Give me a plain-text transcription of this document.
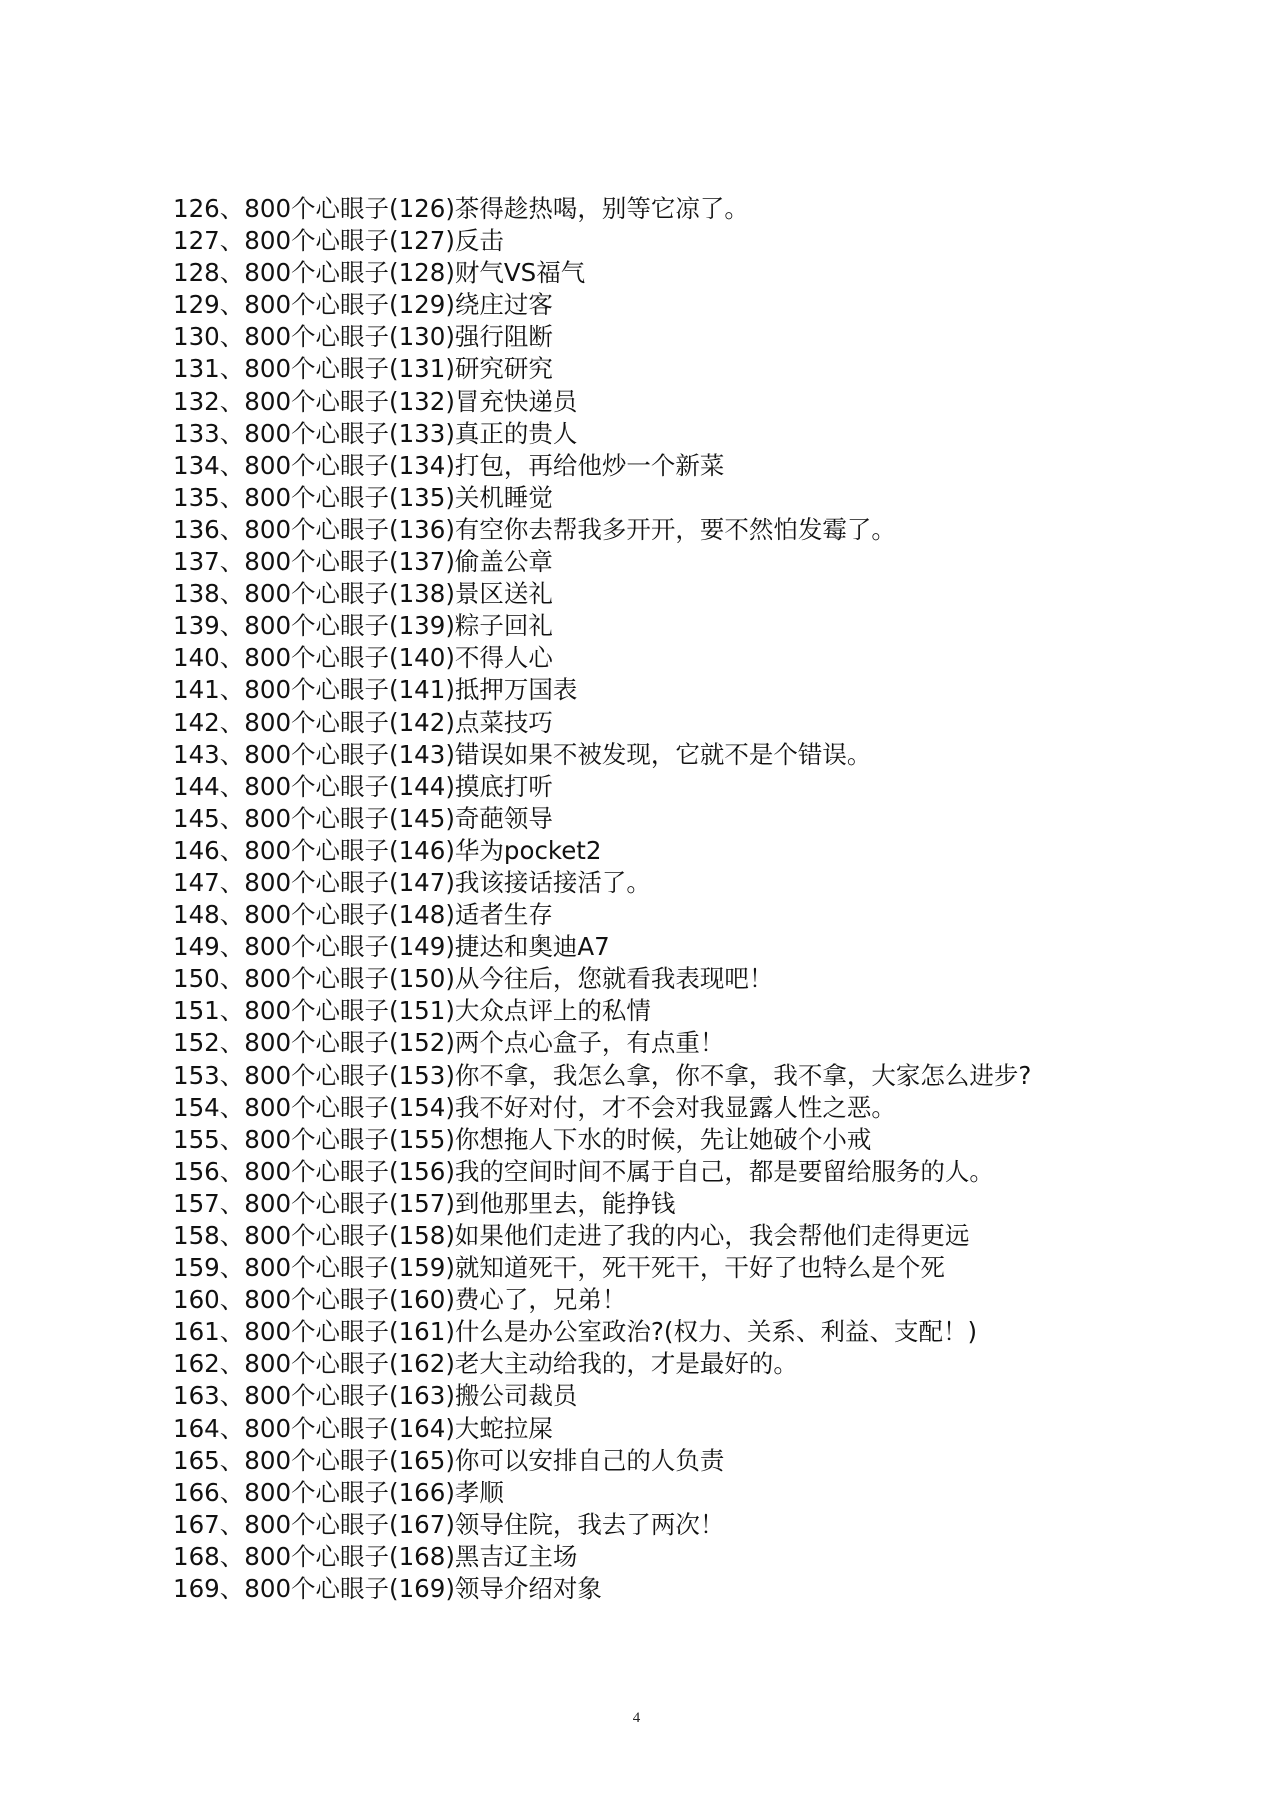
126、800个心眼子(126)茶得趁热喝，别等它凉了。
127、800个心眼子(127)反击
128、800个心眼子(128)财气VS福气
129、800个心眼子(129)绕庄过客
130、800个心眼子(130)强行阻断
131、800个心眼子(131)研究研究
132、800个心眼子(132)冒充快递员
133、800个心眼子(133)真正的贵人
134、800个心眼子(134)打包，再给他炒一个新菜
135、800个心眼子(135)关机睡觉
136、800个心眼子(136)有空你去帮我多开开，要不然怕发霉了。
137、800个心眼子(137)偷盖公章
138、800个心眼子(138)景区送礼
139、800个心眼子(139)粽子回礼
140、800个心眼子(140)不得人心
141、800个心眼子(141)抵押万国表
142、800个心眼子(142)点菜技巧
143、800个心眼子(143)错误如果不被发现，它就不是个错误。
144、800个心眼子(144)摸底打听
145、800个心眼子(145)奇葩领导
146、800个心眼子(146)华为pocket2
147、800个心眼子(147)我该接话接活了。
148、800个心眼子(148)适者生存
149、800个心眼子(149)捷达和奥迪A7
150、800个心眼子(150)从今往后，您就看我表现吧！
151、800个心眼子(151)大众点评上的私情
152、800个心眼子(152)两个点心盒子，有点重！
153、800个心眼子(153)你不拿，我怎么拿，你不拿，我不拿，大家怎么进步?
154、800个心眼子(154)我不好对付，才不会对我显露人性之恶。
155、800个心眼子(155)你想拖人下水的时候，先让她破个小戒
156、800个心眼子(156)我的空间时间不属于自己，都是要留给服务的人。
157、800个心眼子(157)到他那里去，能挣钱
158、800个心眼子(158)如果他们走进了我的内心，我会帮他们走得更远
159、800个心眼子(159)就知道死干，死干死干，干好了也特么是个死
160、800个心眼子(160)费心了，兄弟！
161、800个心眼子(161)什么是办公室政治?(权力、关系、利益、支配！)
162、800个心眼子(162)老大主动给我的，才是最好的。
163、800个心眼子(163)搬公司裁员
164、800个心眼子(164)大蛇拉屎
165、800个心眼子(165)你可以安排自己的人负责
166、800个心眼子(166)孝顺
167、800个心眼子(167)领导住院，我去了两次！
168、800个心眼子(168)黑吉辽主场
169、800个心眼子(169)领导介绍对象
4
